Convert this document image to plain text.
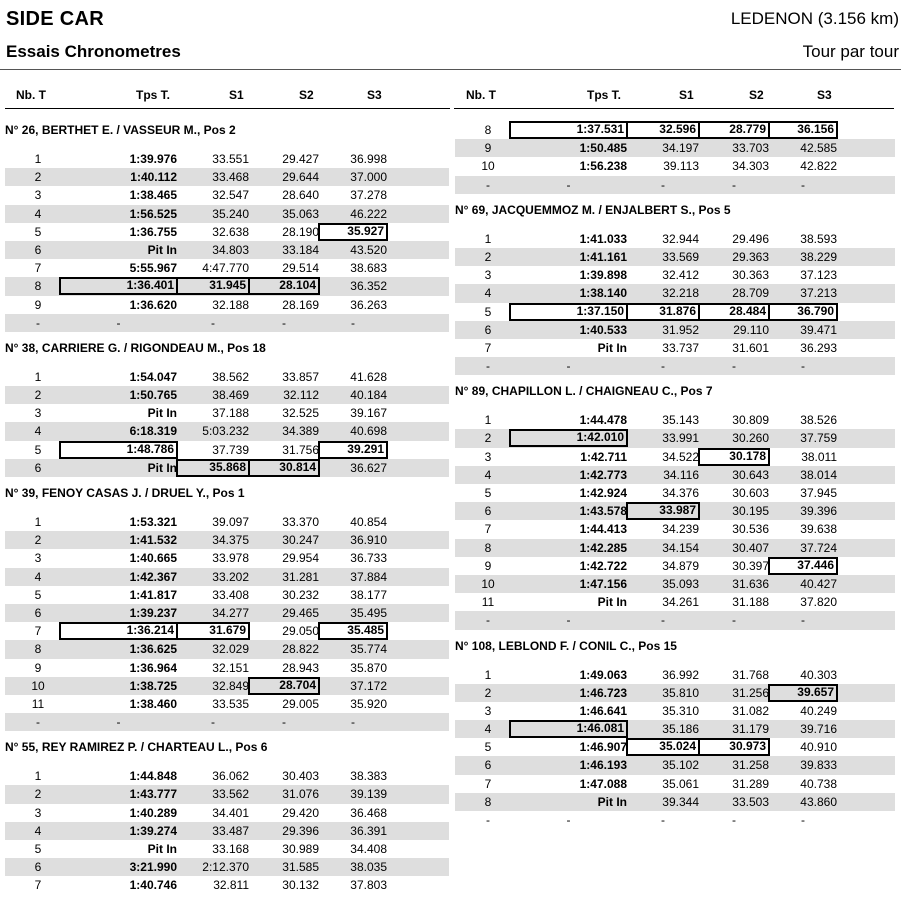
SIDE CAR
Essais Chronometres
LEDENON (3.156 km)
Tour par tour
Nb. T	Tps T.	S1	S2	S3	Nb. T	Tps T.	S1	S2	S3
N° 26, BERTHET E. / VASSEUR M., Pos 2
1	1:39.976	33.551	29.427	36.998
2	1:40.112	33.468	29.644	37.000
3	1:38.465	32.547	28.640	37.278
4	1:56.525	35.240	35.063	46.222
5	1:36.755	32.638	28.190	35.927
6	Pit In	34.803	33.184	43.520
7	5:55.967	4:47.770	29.514	38.683
8	1:36.401	31.945	28.104	36.352
9	1:36.620	32.188	28.169	36.263
-	-	-	-	-
N° 38, CARRIERE G. / RIGONDEAU M., Pos 18
1	1:54.047	38.562	33.857	41.628
2	1:50.765	38.469	32.112	40.184
3	Pit In	37.188	32.525	39.167
4	6:18.319	5:03.232	34.389	40.698
5	1:48.786	37.739	31.756	39.291
6	Pit In	35.868	30.814	36.627
N° 39, FENOY CASAS J. / DRUEL Y., Pos 1
1	1:53.321	39.097	33.370	40.854
2	1:41.532	34.375	30.247	36.910
3	1:40.665	33.978	29.954	36.733
4	1:42.367	33.202	31.281	37.884
5	1:41.817	33.408	30.232	38.177
6	1:39.237	34.277	29.465	35.495
7	1:36.214	31.679	29.050	35.485
8	1:36.625	32.029	28.822	35.774
9	1:36.964	32.151	28.943	35.870
10	1:38.725	32.849	28.704	37.172
11	1:38.460	33.535	29.005	35.920
-	-	-	-	-
N° 55, REY RAMIREZ P. / CHARTEAU L., Pos 6
1	1:44.848	36.062	30.403	38.383
2	1:43.777	33.562	31.076	39.139
3	1:40.289	34.401	29.420	36.468
4	1:39.274	33.487	29.396	36.391
5	Pit In	33.168	30.989	34.408
6	3:21.990	2:12.370	31.585	38.035
7	1:40.746	32.811	30.132	37.803
8	1:37.531	32.596	28.779	36.156
9	1:50.485	34.197	33.703	42.585
10	1:56.238	39.113	34.303	42.822
-	-	-	-	-
N° 69, JACQUEMMOZ M. / ENJALBERT S., Pos 5
1	1:41.033	32.944	29.496	38.593
2	1:41.161	33.569	29.363	38.229
3	1:39.898	32.412	30.363	37.123
4	1:38.140	32.218	28.709	37.213
5	1:37.150	31.876	28.484	36.790
6	1:40.533	31.952	29.110	39.471
7	Pit In	33.737	31.601	36.293
-	-	-	-	-
N° 89, CHAPILLON L. / CHAIGNEAU C., Pos 7
1	1:44.478	35.143	30.809	38.526
2	1:42.010	33.991	30.260	37.759
3	1:42.711	34.522	30.178	38.011
4	1:42.773	34.116	30.643	38.014
5	1:42.924	34.376	30.603	37.945
6	1:43.578	33.987	30.195	39.396
7	1:44.413	34.239	30.536	39.638
8	1:42.285	34.154	30.407	37.724
9	1:42.722	34.879	30.397	37.446
10	1:47.156	35.093	31.636	40.427
11	Pit In	34.261	31.188	37.820
-	-	-	-	-
N° 108, LEBLOND F. / CONIL C., Pos 15
1	1:49.063	36.992	31.768	40.303
2	1:46.723	35.810	31.256	39.657
3	1:46.641	35.310	31.082	40.249
4	1:46.081	35.186	31.179	39.716
5	1:46.907	35.024	30.973	40.910
6	1:46.193	35.102	31.258	39.833
7	1:47.088	35.061	31.289	40.738
8	Pit In	39.344	33.503	43.860
-	-	-	-	-
